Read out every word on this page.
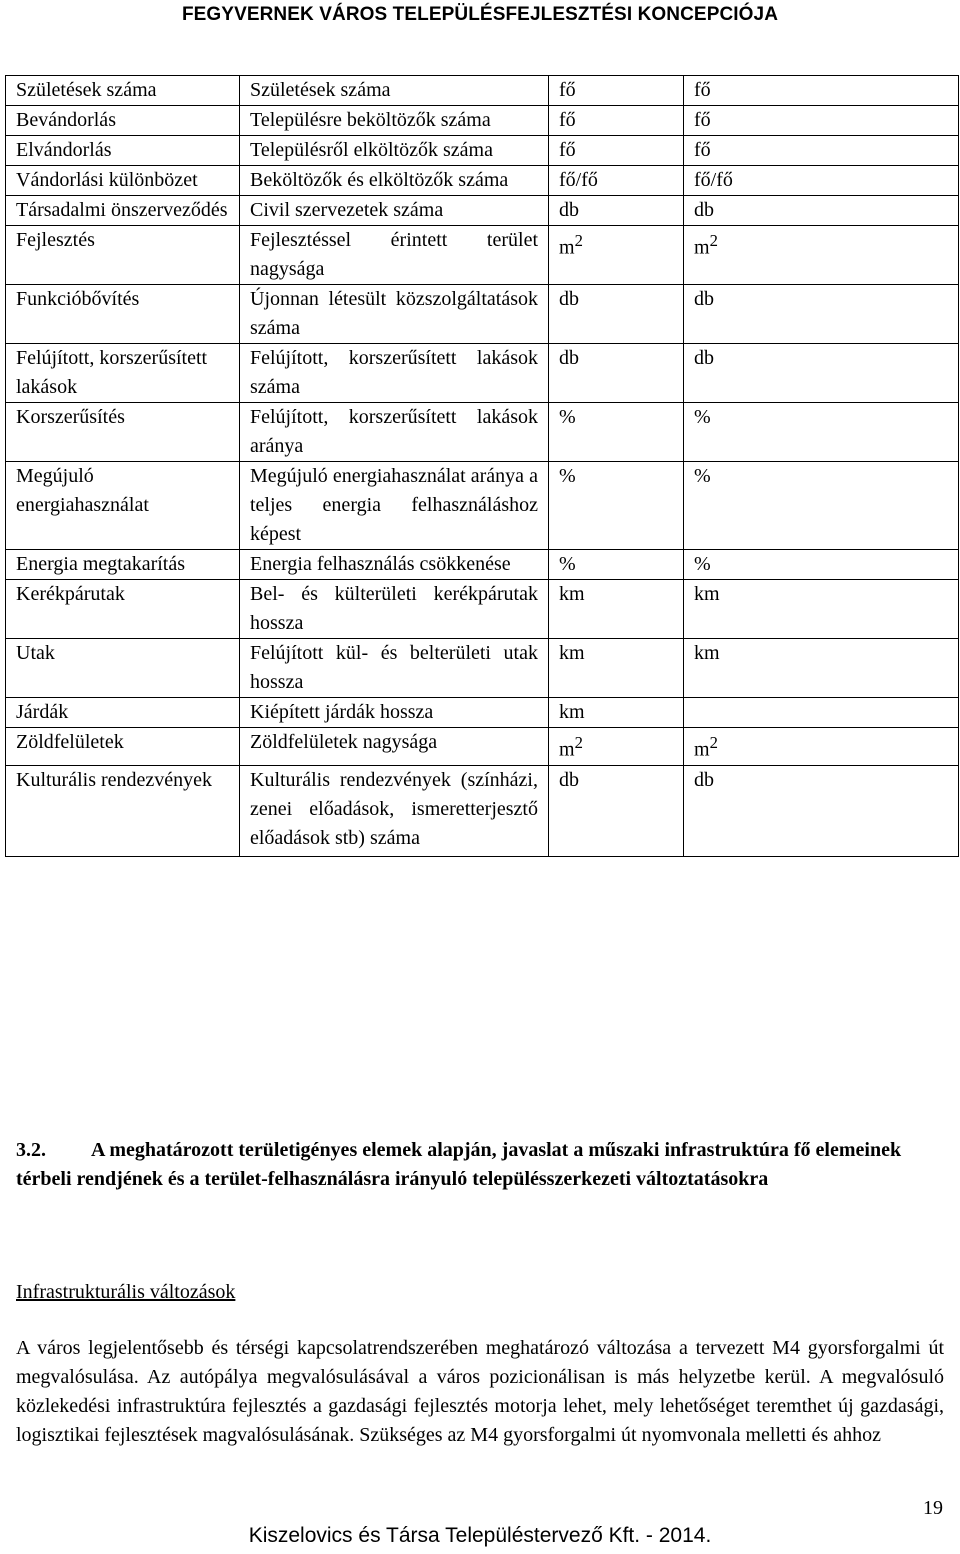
FEGYVERNEK VÁROS TELEPÜLÉSFEJLESZTÉSI KONCEPCIÓJA
Születések száma	Születések száma	fő	fő
Bevándorlás	Településre beköltözők száma	fő	fő
Elvándorlás	Településről elköltözők száma	fő	fő
Vándorlási különbözet	Beköltözők és elköltözők száma	fő/fő	fő/fő
Társadalmi önszerveződés	Civil szervezetek száma	db	db
Fejlesztés	Fejlesztéssel érintett terület nagysága	$m^2$	$m^2$
Funkcióbővítés	Újonnan létesült közszolgáltatások száma	db	db
Felújított, korszerűsített lakások	Felújított, korszerűsített lakások száma	db	db
Korszerűsítés	Felújított, korszerűsített lakások aránya	%	%
Megújuló energiahasználat	Megújuló energiahasználat aránya a teljes energia felhasználáshoz képest	%	%
Energia megtakarítás	Energia felhasználás csökkenése	%	%
Kerékpárutak	Bel- és külterületi kerékpárutak hossza	km	km
Utak	Felújított kül- és belterületi utak hossza	km	km
Járdák	Kiépített járdák hossza	km	
Zöldfelületek	Zöldfelületek nagysága	$m^2$	$m^2$
Kulturális rendezvények	Kulturális rendezvények (színházi, zenei előadások, ismeretterjesztő előadások stb) száma	db	db
3.2. A meghatározott területigényes elemek alapján, javaslat a műszaki infrastruktúra fő elemeinek térbeli rendjének és a terület-felhasználásra irányuló településszerkezeti változtatásokra
Infrastrukturális változások
A város legjelentősebb és térségi kapcsolatrendszerében meghatározó változása a tervezett M4 gyorsforgalmi út megvalósulása. Az autópálya megvalósulásával a város pozicionálisan is más helyzetbe kerül. A megvalósuló közlekedési infrastruktúra fejlesztés a gazdasági fejlesztés motorja lehet, mely lehetőséget teremthet új gazdasági, logisztikai fejlesztések magvalósulásának. Szükséges az M4 gyorsforgalmi út nyomvonala melletti és ahhoz
19
Kiszelovics és Társa Településtervező Kft. - 2014.
